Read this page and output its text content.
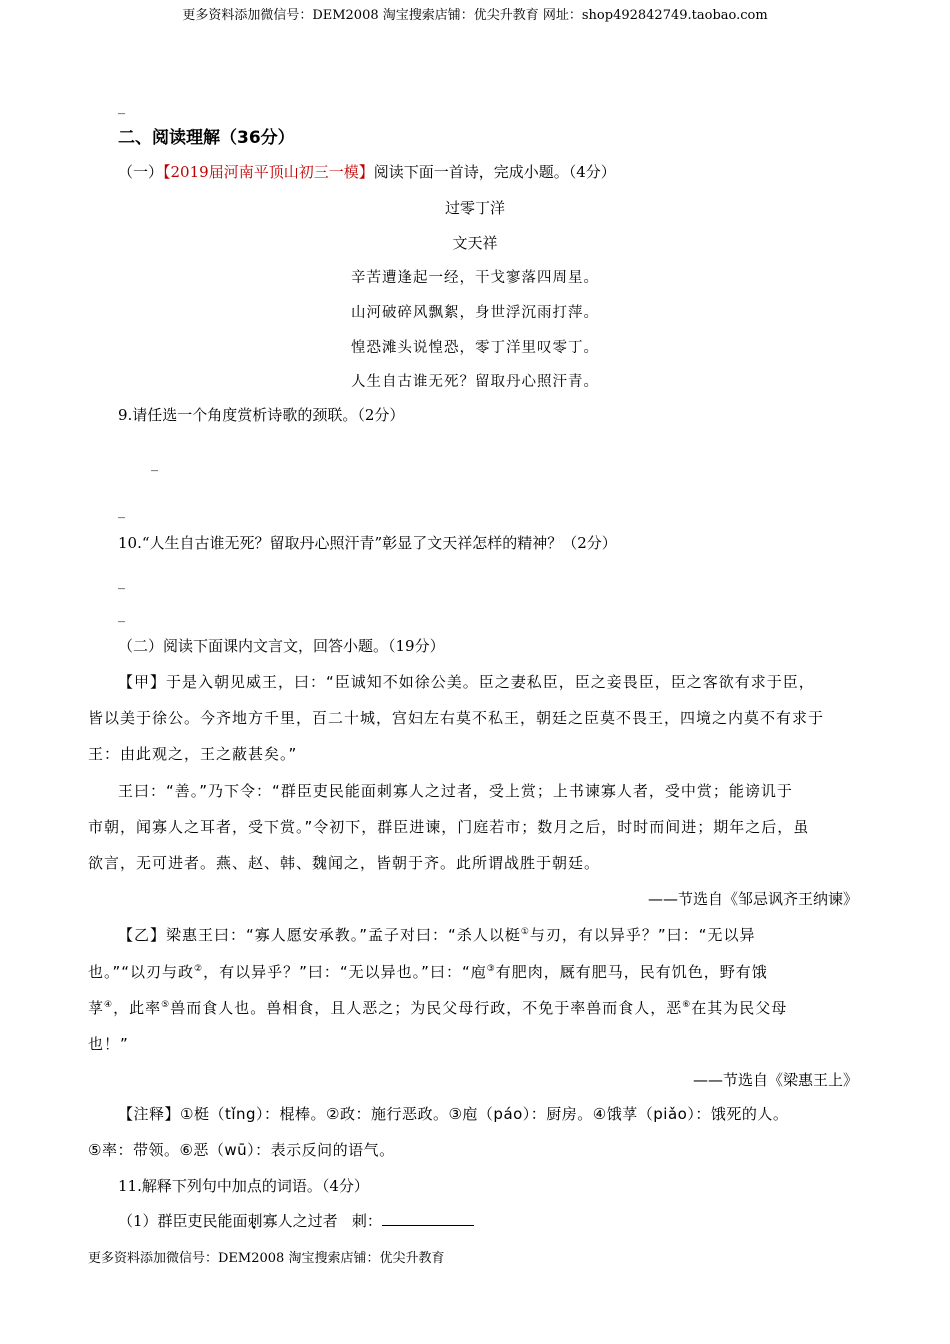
更多资料添加微信号：DEM2008 淘宝搜索店铺：优尖升教育 网址：shop492842749.taobao.com
_
二、阅读理解（36分）
（一）【2019届河南平顶山初三一模】阅读下面一首诗，完成小题。（4分）
过零丁洋
文天祥
辛苦遭逢起一经，干戈寥落四周星。
山河破碎风飘絮，身世浮沉雨打萍。
惶恐滩头说惶恐，零丁洋里叹零丁。
人生自古谁无死？留取丹心照汗青。
9.请任选一个角度赏析诗歌的颈联。（2分）
_
_
10.“人生自古谁无死？留取丹心照汗青”彰显了文天祥怎样的精神？（2分）
_
_
（二）阅读下面课内文言文，回答小题。（19分）
【甲】于是入朝见威王，曰：“臣诚知不如徐公美。臣之妻私臣，臣之妾畏臣，臣之客欲有求于臣，
皆以美于徐公。今齐地方千里，百二十城，宫妇左右莫不私王，朝廷之臣莫不畏王，四境之内莫不有求于
王：由此观之，王之蔽甚矣。”
王曰：“善。”乃下令：“群臣吏民能面刺寡人之过者，受上赏；上书谏寡人者，受中赏；能谤讥于
市朝，闻寡人之耳者，受下赏。”令初下，群臣进谏，门庭若市；数月之后，时时而间进；期年之后，虽
欲言，无可进者。燕、赵、韩、魏闻之，皆朝于齐。此所谓战胜于朝廷。
——节选自《邹忌讽齐王纳谏》
【乙】梁惠王曰：“寡人愿安承教。”孟子对曰：“杀人以梃①与刃，有以异乎？”曰：“无以异
也。”“以刃与政②，有以异乎？”曰：“无以异也。”曰：“庖③有肥肉，厩有肥马，民有饥色，野有饿
莩④，此率⑤兽而食人也。兽相食，且人恶之；为民父母行政，不免于率兽而食人，恶⑥在其为民父母
也！”
——节选自《梁惠王上》
【注释】①梃（tǐng）：棍棒。②政：施行恶政。③庖（páo）：厨房。④饿莩（piǎo）：饿死的人。
⑤率：带领。⑥恶（wū）：表示反问的语气。
11.解释下列句中加点的词语。（4分）
（1）群臣吏民能面刺寡人之过者 刺：
更多资料添加微信号：DEM2008 淘宝搜索店铺：优尖升教育
